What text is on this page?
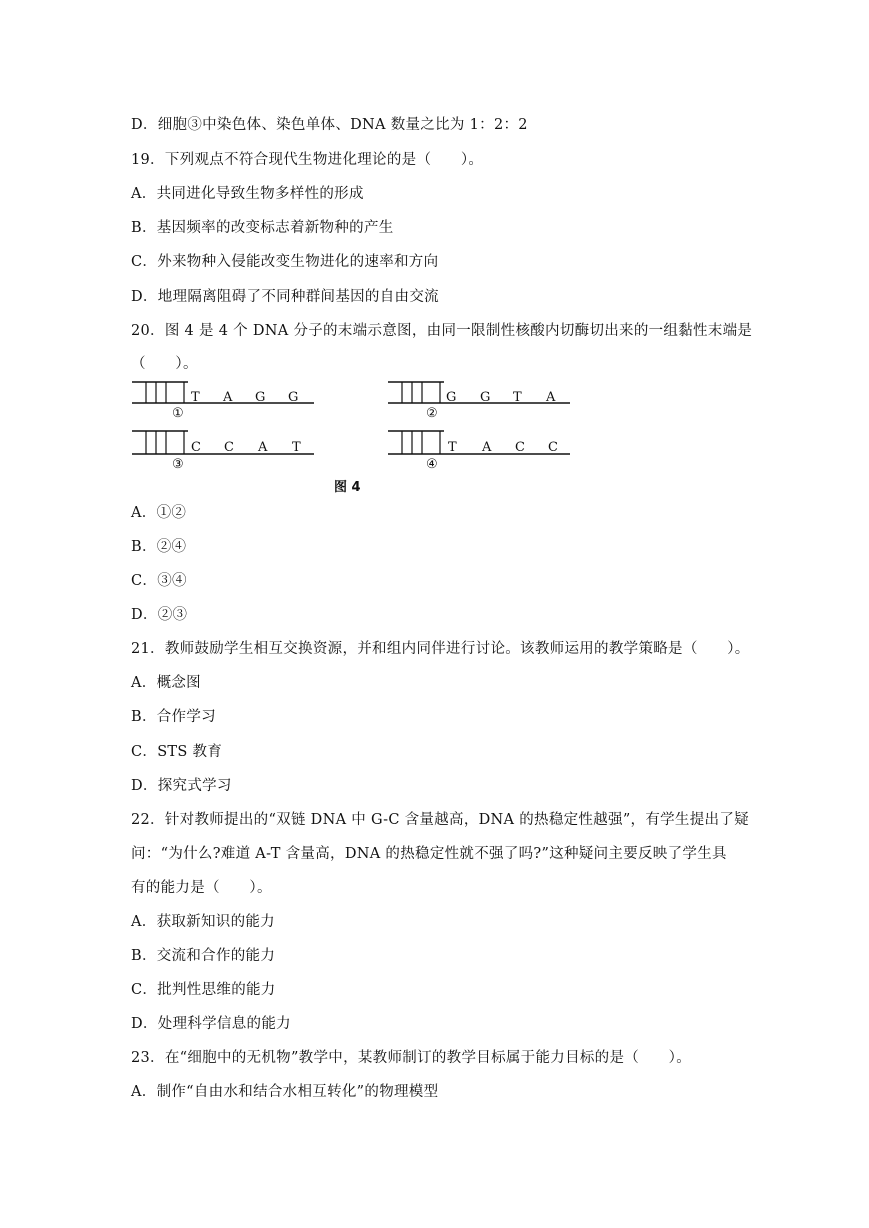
D．细胞③中染色体、染色单体、DNA 数量之比为 1：2：2
19．下列观点不符合现代生物进化理论的是（　　）。
A．共同进化导致生物多样性的形成
B．基因频率的改变标志着新物种的产生
C．外来物种入侵能改变生物进化的速率和方向
D．地理隔离阻碍了不同种群间基因的自由交流
20．图 4 是 4 个 DNA 分子的末端示意图，由同一限制性核酸内切酶切出来的一组黏性末端是
（　　）。
T A G G
①
G G T A
②
C C A T
③
T A C C
④
图 4
A．①②
B．②④
C．③④
D．②③
21．教师鼓励学生相互交换资源，并和组内同伴进行讨论。该教师运用的教学策略是（　　）。
A．概念图
B．合作学习
C．STS 教育
D．探究式学习
22．针对教师提出的“双链 DNA 中 G-C 含量越高，DNA 的热稳定性越强”，有学生提出了疑
问：“为什么?难道 A-T 含量高，DNA 的热稳定性就不强了吗?”这种疑问主要反映了学生具
有的能力是（　　）。
A．获取新知识的能力
B．交流和合作的能力
C．批判性思维的能力
D．处理科学信息的能力
23．在“细胞中的无机物”教学中，某教师制订的教学目标属于能力目标的是（　　）。
A．制作“自由水和结合水相互转化”的物理模型
